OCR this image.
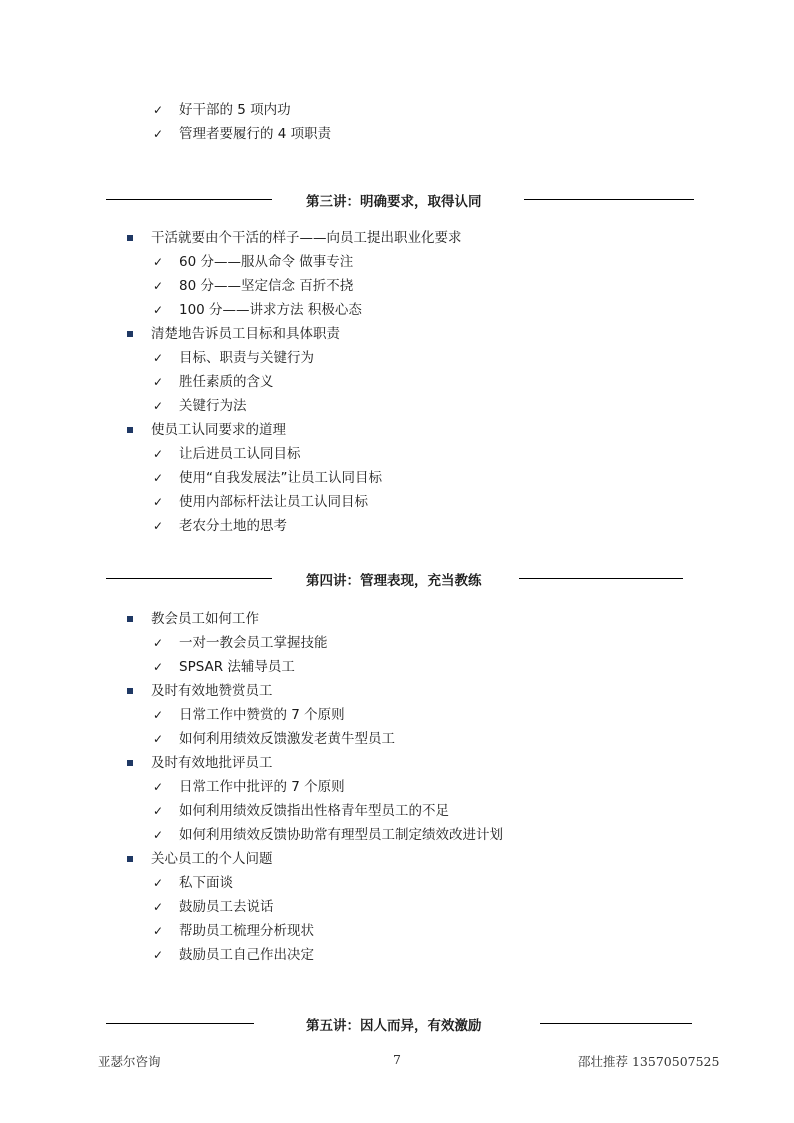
✓ 好干部的 5 项内功
✓ 管理者要履行的 4 项职责
第三讲：明确要求，取得认同
干活就要由个干活的样子——向员工提出职业化要求
✓ 60 分——服从命令 做事专注
✓ 80 分——坚定信念 百折不挠
✓ 100 分——讲求方法 积极心态
清楚地告诉员工目标和具体职责
✓ 目标、职责与关键行为
✓ 胜任素质的含义
✓ 关键行为法
使员工认同要求的道理
✓ 让后进员工认同目标
✓ 使用“自我发展法”让员工认同目标
✓ 使用内部标杆法让员工认同目标
✓ 老农分土地的思考
第四讲：管理表现，充当教练
教会员工如何工作
✓ 一对一教会员工掌握技能
✓ SPSAR 法辅导员工
及时有效地赞赏员工
✓ 日常工作中赞赏的 7 个原则
✓ 如何利用绩效反馈激发老黄牛型员工
及时有效地批评员工
✓ 日常工作中批评的 7 个原则
✓ 如何利用绩效反馈指出性格青年型员工的不足
✓ 如何利用绩效反馈协助常有理型员工制定绩效改进计划
关心员工的个人问题
✓ 私下面谈
✓ 鼓励员工去说话
✓ 帮助员工梳理分析现状
✓ 鼓励员工自己作出决定
第五讲：因人而异，有效激励
亚瑟尔咨询	7	邵壮推荐 13570507525
